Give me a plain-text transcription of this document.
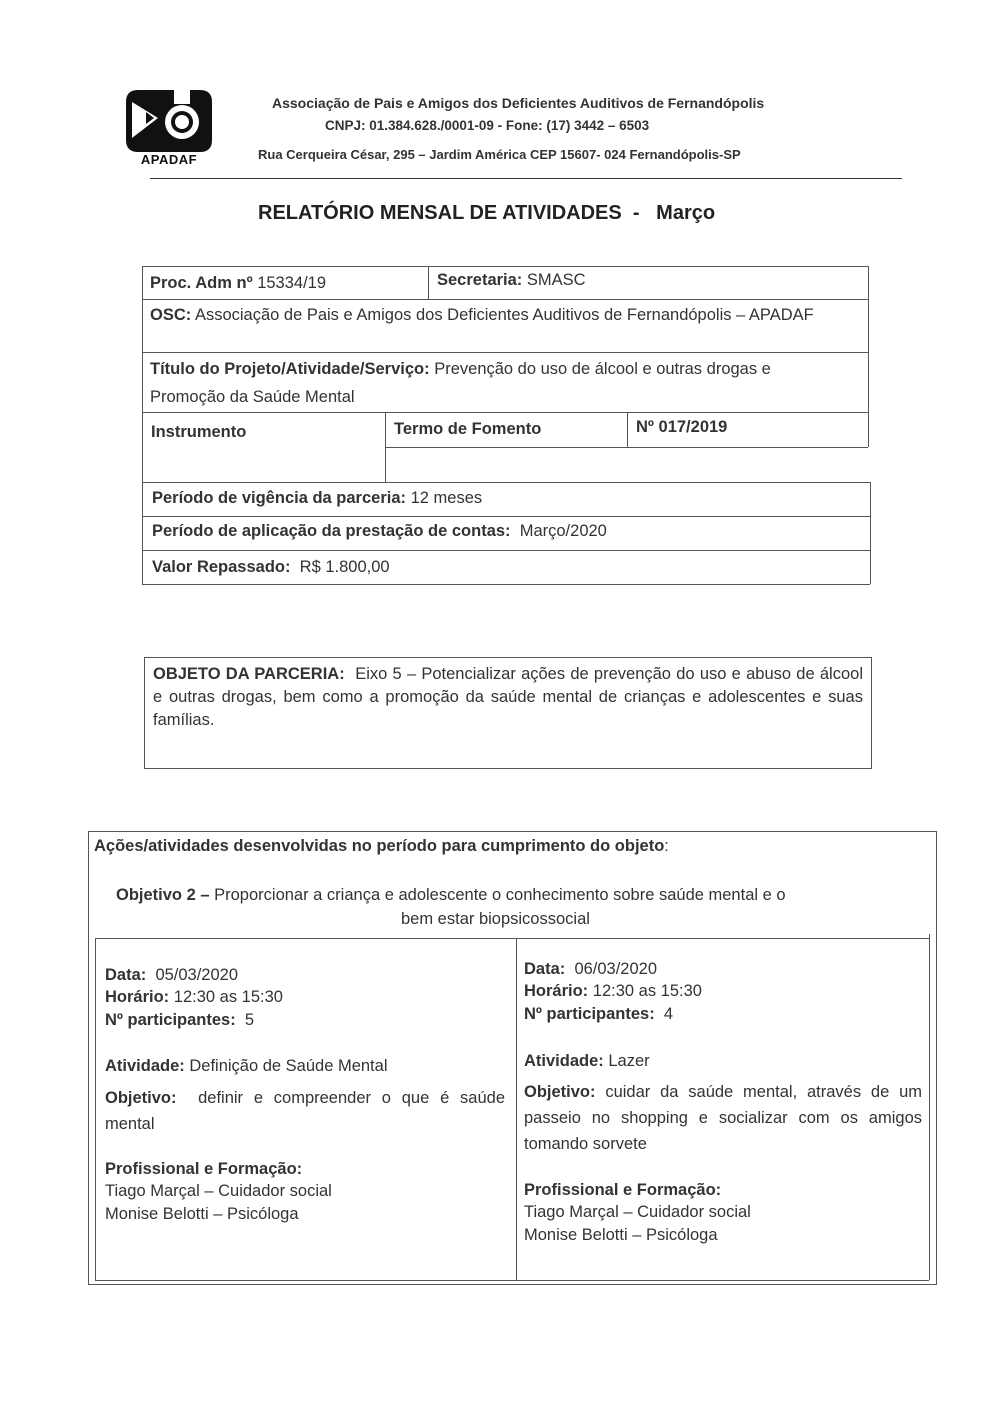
APADAF
Associação de Pais e Amigos dos Deficientes Auditivos de Fernandópolis
CNPJ: 01.384.628./0001-09 - Fone: (17) 3442 – 6503
Rua Cerqueira César, 295 – Jardim América CEP 15607- 024 Fernandópolis-SP
RELATÓRIO MENSAL DE ATIVIDADES  -   Março
Proc. Adm nº 15334/19	Secretaria: SMASC
OSC: Associação de Pais e Amigos dos Deficientes Auditivos de Fernandópolis – APADAF
Título do Projeto/Atividade/Serviço: Prevenção do uso de álcool e outras drogas e Promoção da Saúde Mental
Instrumento	Termo de Fomento	Nº 017/2019
Período de vigência da parceria: 12 meses
Período de aplicação da prestação de contas: Março/2020
Valor Repassado: R$ 1.800,00
OBJETO DA PARCERIA: Eixo 5 – Potencializar ações de prevenção do uso e abuso de álcool e outras drogas, bem como a promoção da saúde mental de crianças e adolescentes e suas famílias.
Ações/atividades desenvolvidas no período para cumprimento do objeto:
Objetivo 2 – Proporcionar a criança e adolescente o conhecimento sobre saúde mental e o
bem estar biopsicossocial
Data: 05/03/2020
Horário: 12:30 as 15:30
Nº participantes: 5
Atividade: Definição de Saúde Mental
Objetivo: definir e compreender o que é saúde mental
Profissional e Formação:
Tiago Marçal – Cuidador social
Monise Belotti – Psicóloga
Data: 06/03/2020
Horário: 12:30 as 15:30
Nº participantes: 4
Atividade: Lazer
Objetivo: cuidar da saúde mental, através de um passeio no shopping e socializar com os amigos tomando sorvete
Profissional e Formação:
Tiago Marçal – Cuidador social
Monise Belotti – Psicóloga
